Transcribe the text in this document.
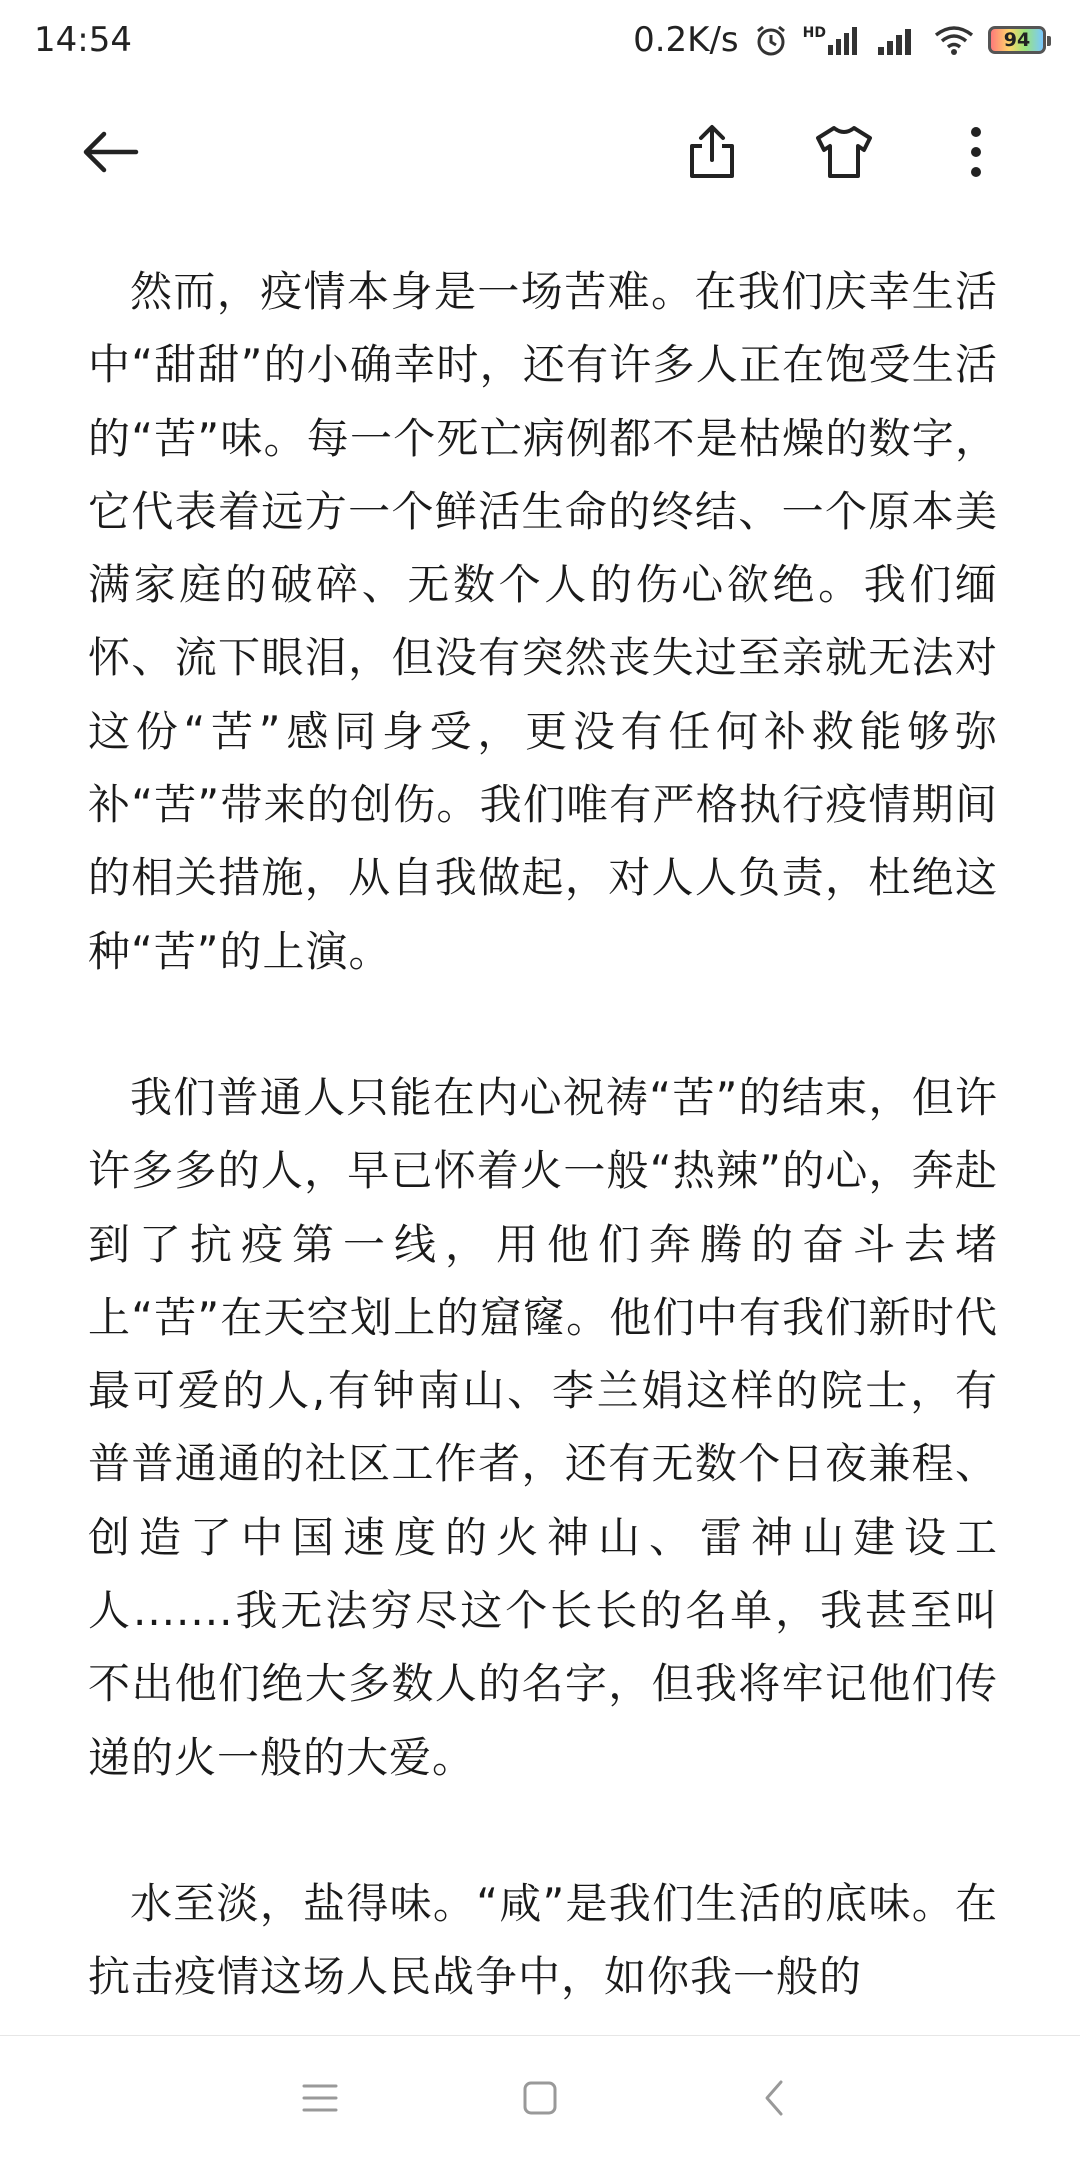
14:54	0.2K/s	HD	94

然而，疫情本身是一场苦难。在我们庆幸生活中“甜甜”的小确幸时，还有许多人正在饱受生活的“苦”味。每一个死亡病例都不是枯燥的数字，它代表着远方一个鲜活生命的终结、一个原本美满家庭的破碎、无数个人的伤心欲绝。我们缅怀、流下眼泪，但没有突然丧失过至亲就无法对这份“苦”感同身受，更没有任何补救能够弥补“苦”带来的创伤。我们唯有严格执行疫情期间的相关措施，从自我做起，对人人负责，杜绝这种“苦”的上演。

我们普通人只能在内心祝祷“苦”的结束，但许许多多的人，早已怀着火一般“热辣”的心，奔赴到了抗疫第一线，用他们奔腾的奋斗去堵上“苦”在天空划上的窟窿。他们中有我们新时代最可爱的人,有钟南山、李兰娟这样的院士，有普普通通的社区工作者，还有无数个日夜兼程、创造了中国速度的火神山、雷神山建设工人.......我无法穷尽这个长长的名单，我甚至叫不出他们绝大多数人的名字，但我将牢记他们传递的火一般的大爱。

水至淡，盐得味。“咸”是我们生活的底味。在抗击疫情这场人民战争中，如你我一般的
